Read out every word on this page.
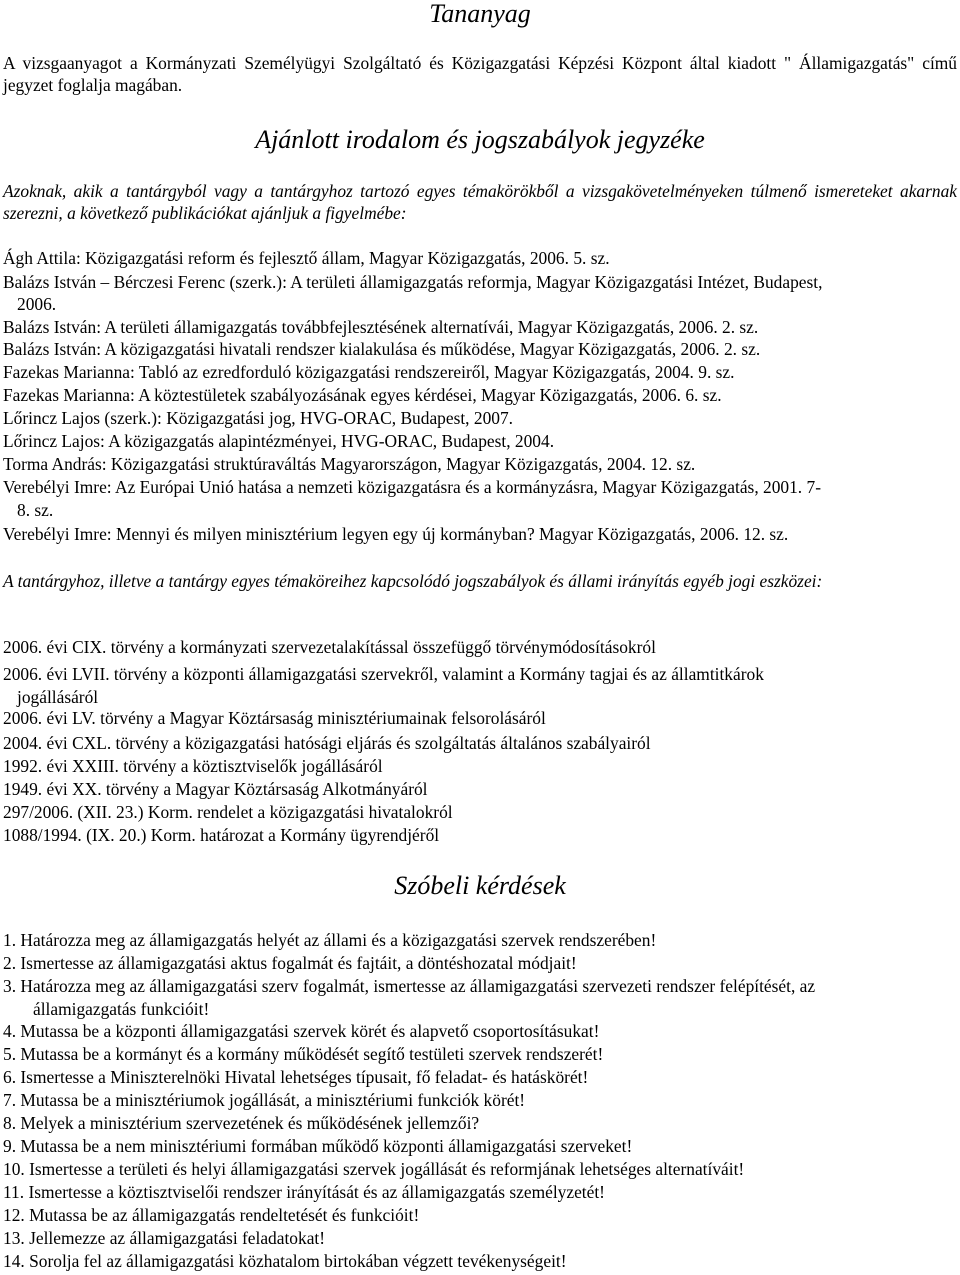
Tananyag
A vizsgaanyagot a Kormányzati Személyügyi Szolgáltató és Közigazgatási Képzési Központ által kiadott " Államigazgatás" című jegyzet foglalja magában.
Ajánlott irodalom és jogszabályok jegyzéke
Azoknak, akik a tantárgyból vagy a tantárgyhoz tartozó egyes témakörökből a vizsgakövetelményeken túlmenő ismereteket akarnak szerezni, a következő publikációkat ajánljuk a figyelmébe:
Ágh Attila: Közigazgatási reform és fejlesztő állam, Magyar Közigazgatás, 2006. 5. sz.
Balázs István – Bérczesi Ferenc (szerk.): A területi államigazgatás reformja, Magyar Közigazgatási Intézet, Budapest,
2006.
Balázs István: A területi államigazgatás továbbfejlesztésének alternatívái, Magyar Közigazgatás, 2006. 2. sz.
Balázs István: A közigazgatási hivatali rendszer kialakulása és működése, Magyar Közigazgatás, 2006. 2. sz.
Fazekas Marianna: Tabló az ezredforduló közigazgatási rendszereiről, Magyar Közigazgatás, 2004. 9. sz.
Fazekas Marianna: A köztestületek szabályozásának egyes kérdései, Magyar Közigazgatás, 2006. 6. sz.
Lőrincz Lajos (szerk.): Közigazgatási jog, HVG-ORAC, Budapest, 2007.
Lőrincz Lajos: A közigazgatás alapintézményei, HVG-ORAC, Budapest, 2004.
Torma András: Közigazgatási struktúraváltás Magyarországon, Magyar Közigazgatás, 2004. 12. sz.
Verebélyi Imre: Az Európai Unió hatása a nemzeti közigazgatásra és a kormányzásra, Magyar Közigazgatás, 2001. 7-
8. sz.
Verebélyi Imre: Mennyi és milyen minisztérium legyen egy új kormányban? Magyar Közigazgatás, 2006. 12. sz.
A tantárgyhoz, illetve a tantárgy egyes témaköreihez kapcsolódó jogszabályok és állami irányítás egyéb jogi eszközei:
2006. évi CIX. törvény a kormányzati szervezetalakítással összefüggő törvénymódosításokról
2006. évi LVII. törvény a központi államigazgatási szervekről, valamint a Kormány tagjai és az államtitkárok
jogállásáról
2006. évi LV. törvény a Magyar Köztársaság minisztériumainak felsorolásáról
2004. évi CXL. törvény a közigazgatási hatósági eljárás és szolgáltatás általános szabályairól
1992. évi XXIII. törvény a köztisztviselők jogállásáról
1949. évi XX. törvény a Magyar Köztársaság Alkotmányáról
297/2006. (XII. 23.) Korm. rendelet a közigazgatási hivatalokról
1088/1994. (IX. 20.) Korm. határozat a Kormány ügyrendjéről
Szóbeli kérdések
1. Határozza meg az államigazgatás helyét az állami és a közigazgatási szervek rendszerében!
2. Ismertesse az államigazgatási aktus fogalmát és fajtáit, a döntéshozatal módjait!
3. Határozza meg az államigazgatási szerv fogalmát, ismertesse az államigazgatási szervezeti rendszer felépítését, az
államigazgatás funkcióit!
4. Mutassa be a központi államigazgatási szervek körét és alapvető csoportosításukat!
5. Mutassa be a kormányt és a kormány működését segítő testületi szervek rendszerét!
6. Ismertesse a Miniszterelnöki Hivatal lehetséges típusait, fő feladat- és hatáskörét!
7. Mutassa be a minisztériumok jogállását, a minisztériumi funkciók körét!
8. Melyek a minisztérium szervezetének és működésének jellemzői?
9. Mutassa be a nem minisztériumi formában működő központi államigazgatási szerveket!
10. Ismertesse a területi és helyi államigazgatási szervek jogállását és reformjának lehetséges alternatíváit!
11. Ismertesse a köztisztviselői rendszer irányítását és az államigazgatás személyzetét!
12. Mutassa be az államigazgatás rendeltetését és funkcióit!
13. Jellemezze az államigazgatási feladatokat!
14. Sorolja fel az államigazgatási közhatalom birtokában végzett tevékenységeit!
